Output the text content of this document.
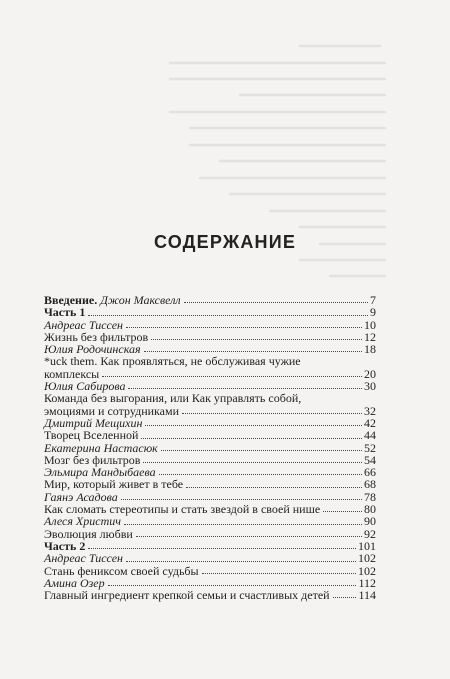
СОДЕРЖАНИЕ
Введение. Джон Максвелл	7
Часть 1	9
Андреас Тиссен	10
Жизнь без фильтров	12
Юлия Родочинская	18
*uck them. Как проявляться, не обслуживая чужие
комплексы	20
Юлия Сабирова	30
Команда без выгорания, или Как управлять собой,
эмоциями и сотрудниками	32
Дмитрий Мещихин	42
Творец Вселенной	44
Екатерина Настасюк	52
Мозг без фильтров	54
Эльмира Мандыбаева	66
Мир, который живет в тебе	68
Гаянэ Асадова	78
Как сломать стереотипы и стать звездой в своей нише	80
Алеся Христич	90
Эволюция любви	92
Часть 2	101
Андреас Тиссен	102
Стань фениксом своей судьбы	102
Амина Озер	112
Главный ингредиент крепкой семьи и счастливых детей 114
